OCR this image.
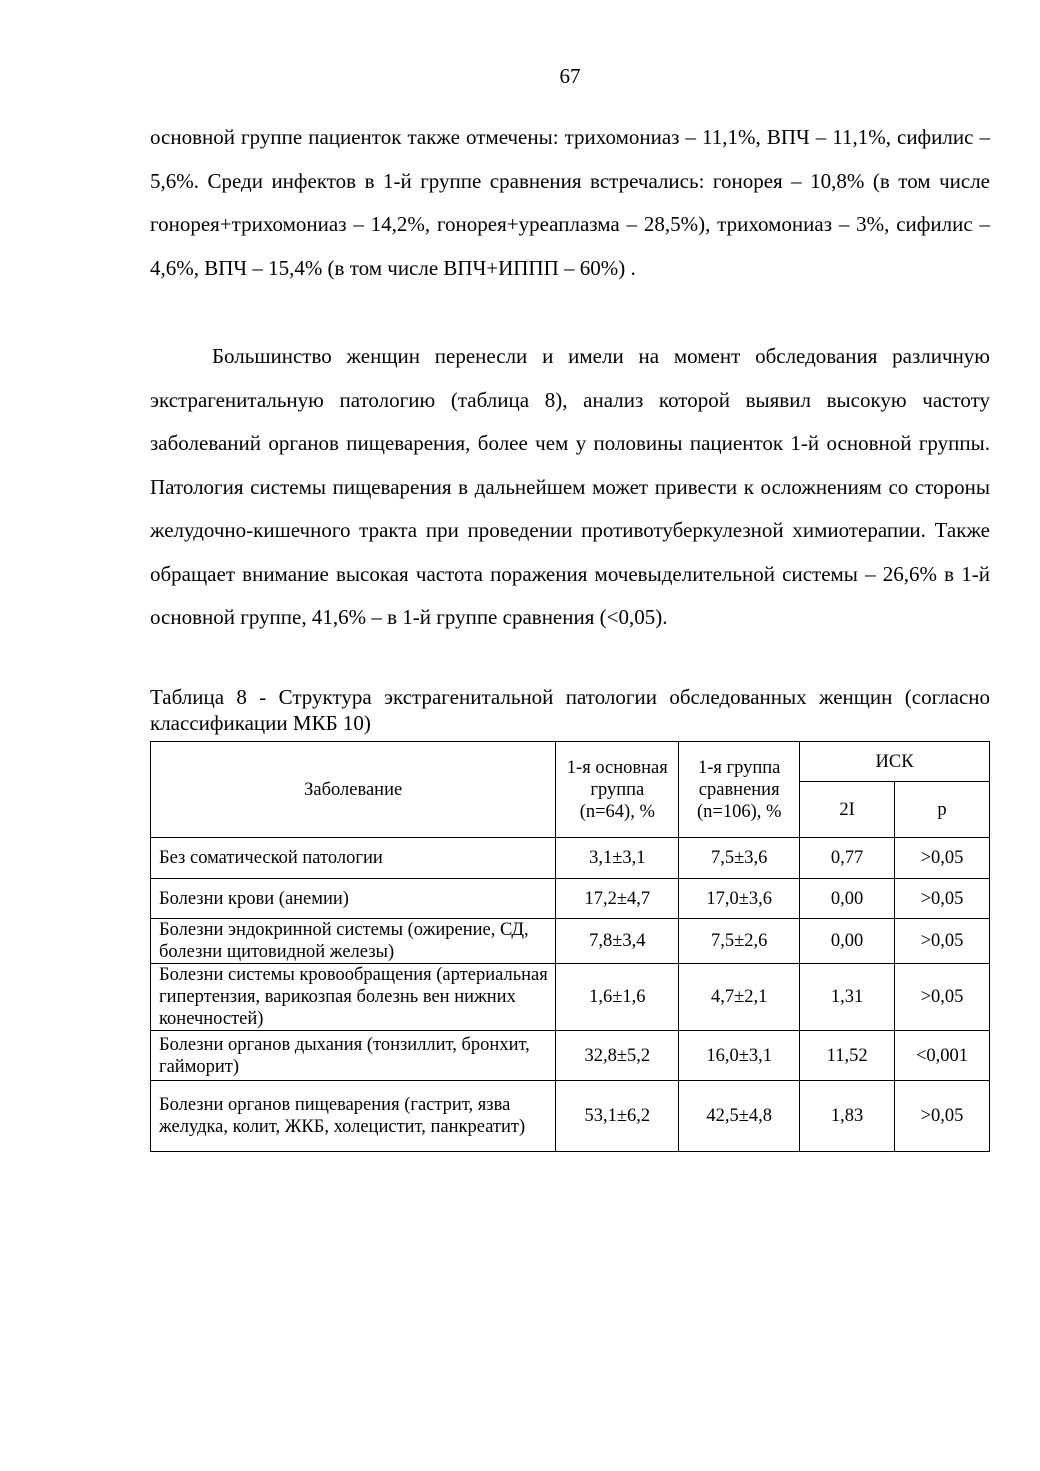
67

основной группе пациенток также отмечены: трихомониаз – 11,1%, ВПЧ – 11,1%, сифилис – 5,6%. Среди инфектов в 1-й группе сравнения встречались: гонорея – 10,8% (в том числе гонорея+трихомониаз – 14,2%, гонорея+уреаплазма – 28,5%), трихомониаз – 3%, сифилис – 4,6%, ВПЧ – 15,4% (в том числе ВПЧ+ИППП – 60%) .

Большинство женщин перенесли и имели на момент обследования различную экстрагенитальную патологию (таблица 8), анализ которой выявил высокую частоту заболеваний органов пищеварения, более чем у половины пациенток 1-й основной группы. Патология системы пищеварения в дальнейшем может привести к осложнениям со стороны желудочно-кишечного тракта при проведении противотуберкулезной химиотерапии. Также обращает внимание высокая частота поражения мочевыделительной системы – 26,6% в 1-й основной группе, 41,6% – в 1-й группе сравнения (<0,05).

Таблица 8 - Структура экстрагенитальной патологии обследованных женщин (согласно классификации МКБ 10)

Заболевание	1-я основная группа (n=64), %	1-я группа сравнения (n=106), %	ИСК	
			2I	р
Без соматической патологии	3,1±3,1	7,5±3,6	0,77	>0,05
Болезни крови (анемии)	17,2±4,7	17,0±3,6	0,00	>0,05
Болезни эндокринной системы (ожирение, СД, болезни щитовидной железы)	7,8±3,4	7,5±2,6	0,00	>0,05
Болезни системы кровообращения (артериальная гипертензия, варикозпая болезнь вен нижних конечностей)	1,6±1,6	4,7±2,1	1,31	>0,05
Болезни органов дыхания (тонзиллит, бронхит, гайморит)	32,8±5,2	16,0±3,1	11,52	<0,001
Болезни органов пищеварения (гастрит, язва желудка, колит, ЖКБ, холецистит, панкреатит)	53,1±6,2	42,5±4,8	1,83	>0,05
